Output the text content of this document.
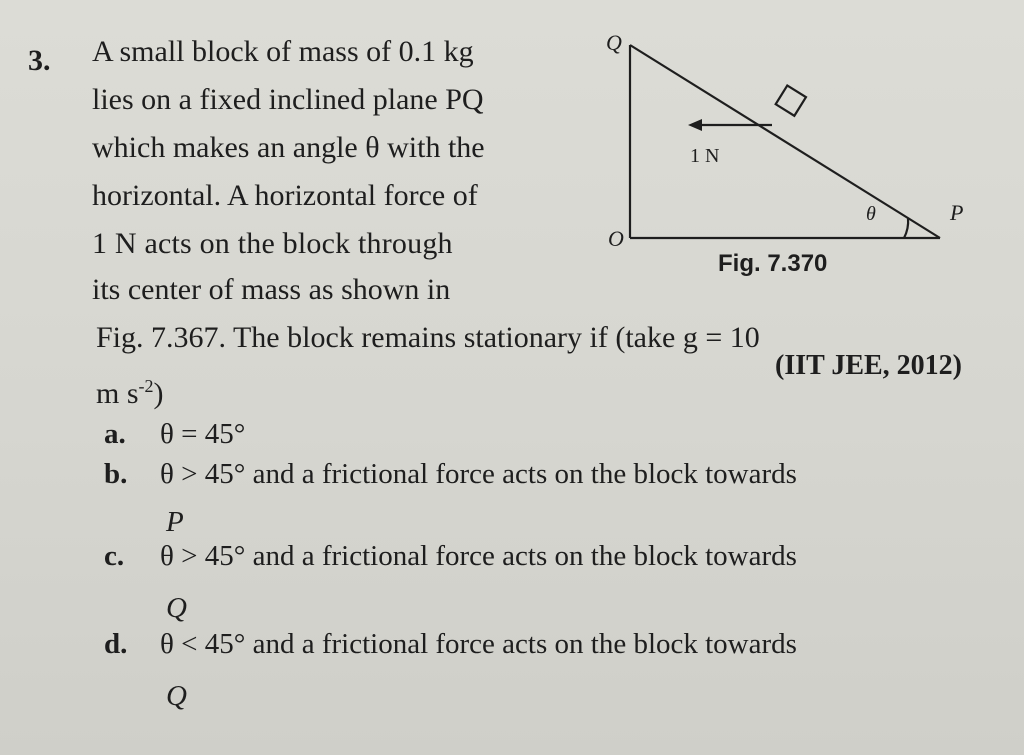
3. A small block of mass of 0.1 kg
lies on a fixed inclined plane PQ
which makes an angle θ with the
horizontal. A horizontal force of
1 N acts on the block through
its center of mass as shown in
Fig. 7.367. The block remains stationary if (take g = 10
m $s^{-2}$)
(IIT JEE, 2012)
Q
O
P
θ
1 N
Fig. 7.370
a. θ = 45°
b. θ > 45° and a frictional force acts on the block towards
P
c. θ > 45° and a frictional force acts on the block towards
Q
d. θ < 45° and a frictional force acts on the block towards
Q
